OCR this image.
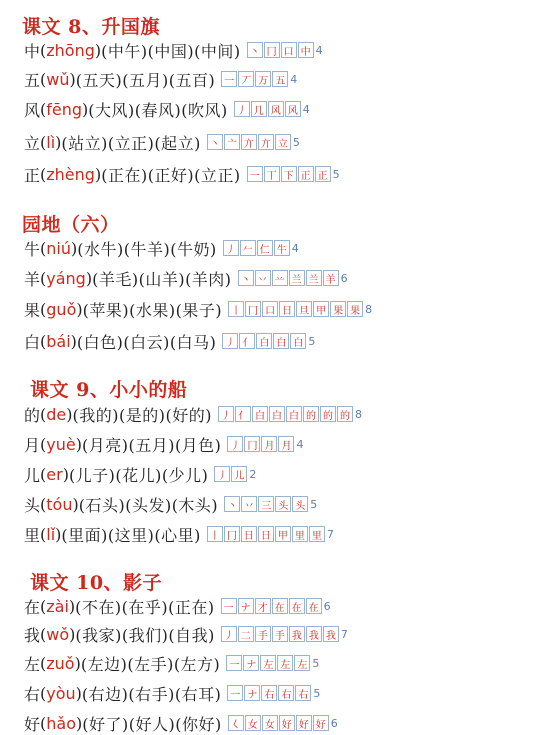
课文 8、升国旗
中 ( zhōng ) (中午)(中国)(中间) 丶 冂 口 中 4
五 ( wǔ ) (五天)(五月)(五百) 一 丆 万 五 4
风 ( fēng ) (大风)(春风)(吹风) 丿 几 风 风 4
立 ( lì ) (站立)(立正)(起立) 丶 亠 亣 亣 立 5
正 ( zhèng ) (正在)(正好)(立正) 一 丅 下 正 正 5
园地（六）
牛 ( niú ) (水牛)(牛羊)(牛奶) 丿 𠂉 仁 牛 4
羊 ( yáng ) (羊毛)(山羊)(羊肉) 丶 丷 䒑 兰 兰 羊 6
果 ( guǒ ) (苹果)(水果)(果子) 丨 冂 口 日 旦 甲 果 果 8
白 ( bái ) (白色)(白云)(白马) 丿 亻 白 白 白 5
课文 9、小小的船
的 ( de ) (我的)(是的)(好的) 丿 亻 白 白 白 的 的 的 8
月 ( yuè ) (月亮)(五月)(月色) 丿 冂 月 月 4
儿 ( er ) (儿子)(花儿)(少儿) 丿 儿 2
头 ( tóu ) (石头)(头发)(木头) 丶 丷 三 头 头 5
里 ( lǐ ) (里面)(这里)(心里) 丨 冂 日 日 甲 里 里 7
课文 10、影子
在 ( zài ) (不在)(在乎)(正在) 一 ナ 才 在 在 在 6
我 ( wǒ ) (我家)(我们)(自我) 丿 二 手 手 我 我 我 7
左 ( zuǒ ) (左边)(左手)(左方) 一 ナ 左 左 左 5
右 ( yòu ) (右边)(右手)(右耳) 一 ナ 右 右 右 5
好 ( hǎo ) (好了)(好人)(你好) 𡿨 女 女 好 好 好 6
